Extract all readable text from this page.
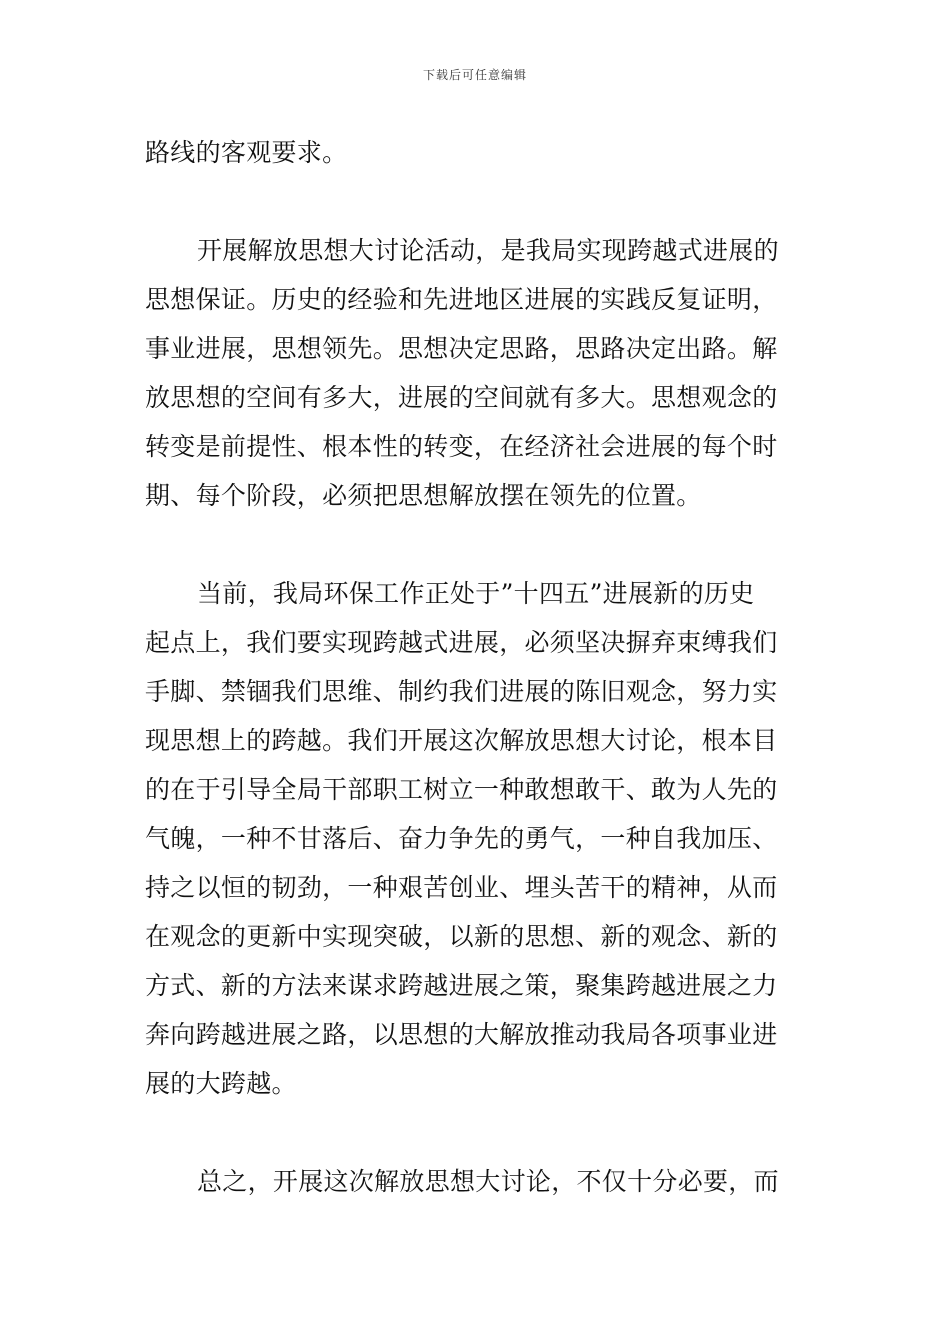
下载后可任意编辑
路线的客观要求。
开展解放思想大讨论活动，是我局实现跨越式进展的
思想保证。历史的经验和先进地区进展的实践反复证明，
事业进展，思想领先。思想决定思路，思路决定出路。解
放思想的空间有多大，进展的空间就有多大。思想观念的
转变是前提性、根本性的转变，在经济社会进展的每个时
期、每个阶段，必须把思想解放摆在领先的位置。
当前，我局环保工作正处于”十四五”进展新的历史
起点上，我们要实现跨越式进展，必须坚决摒弃束缚我们
手脚、禁锢我们思维、制约我们进展的陈旧观念，努力实
现思想上的跨越。我们开展这次解放思想大讨论，根本目
的在于引导全局干部职工树立一种敢想敢干、敢为人先的
气魄，一种不甘落后、奋力争先的勇气，一种自我加压、
持之以恒的韧劲，一种艰苦创业、埋头苦干的精神，从而
在观念的更新中实现突破，以新的思想、新的观念、新的
方式、新的方法来谋求跨越进展之策，聚集跨越进展之力
奔向跨越进展之路，以思想的大解放推动我局各项事业进
展的大跨越。
总之，开展这次解放思想大讨论，不仅十分必要，而
